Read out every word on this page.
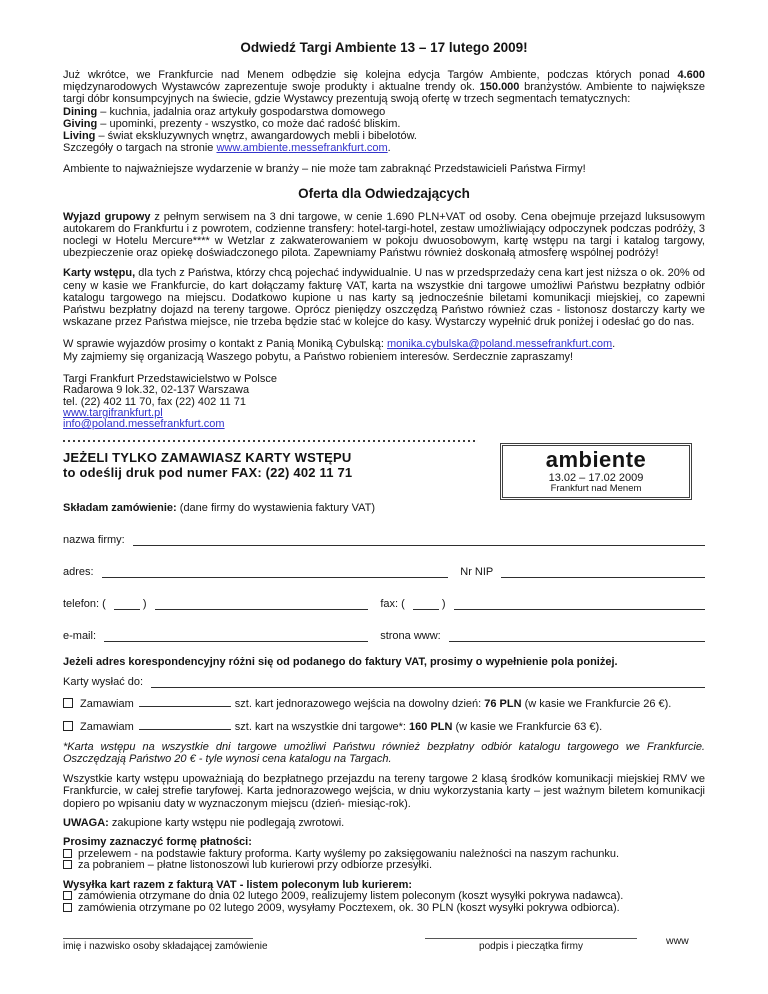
Odwiedź Targi Ambiente 13 – 17 lutego 2009!

Już wkrótce, we Frankfurcie nad Menem odbędzie się kolejna edycja Targów Ambiente, podczas których ponad 4.600 międzynarodowych Wystawców zaprezentuje swoje produkty i aktualne trendy ok. 150.000 branżystów. Ambiente to największe targi dóbr konsumpcyjnych na świecie, gdzie Wystawcy prezentują swoją ofertę w trzech segmentach tematycznych:

Dining – kuchnia, jadalnia oraz artykuły gospodarstwa domowego
Giving – upominki, prezenty - wszystko, co może dać radość bliskim.
Living – świat ekskluzywnych wnętrz, awangardowych mebli i bibelotów.
Szczegóły o targach na stronie www.ambiente.messefrankfurt.com.

Ambiente to najważniejsze wydarzenie w branży – nie może tam zabraknąć Przedstawicieli Państwa Firmy!

Oferta dla Odwiedzających

Wyjazd grupowy z pełnym serwisem na 3 dni targowe, w cenie 1.690 PLN+VAT od osoby. Cena obejmuje przejazd luksusowym autokarem do Frankfurtu i z powrotem, codzienne transfery: hotel-targi-hotel, zestaw umożliwiający odpoczynek podczas podróży, 3 noclegi w Hotelu Mercure**** w Wetzlar z zakwaterowaniem w pokoju dwuosobowym, kartę wstępu na targi i katalog targowy, ubezpieczenie oraz opiekę doświadczonego pilota. Zapewniamy Państwu również doskonałą atmosferę wspólnej podróży!

Karty wstępu, dla tych z Państwa, którzy chcą pojechać indywidualnie. U nas w przedsprzedaży cena kart jest niższa o ok. 20% od ceny w kasie we Frankfurcie, do kart dołączamy fakturę VAT, karta na wszystkie dni targowe umożliwi Państwu bezpłatny odbiór katalogu targowego na miejscu. Dodatkowo kupione u nas karty są jednocześnie biletami komunikacji miejskiej, co zapewni Państwu bezpłatny dojazd na tereny targowe. Oprócz pieniędzy oszczędzą Państwo również czas - listonosz dostarczy karty we wskazane przez Państwa miejsce, nie trzeba będzie stać w kolejce do kasy. Wystarczy wypełnić druk poniżej i odesłać go do nas.

W sprawie wyjazdów prosimy o kontakt z Panią Moniką Cybulską: monika.cybulska@poland.messefrankfurt.com.
My zajmiemy się organizacją Waszego pobytu, a Państwo robieniem interesów. Serdecznie zapraszamy!

Targi Frankfurt Przedstawicielstwo w Polsce
Radarowa 9 lok.32, 02-137 Warszawa
tel. (22) 402 11 70, fax (22) 402 11 71
www.targifrankfurt.pl
info@poland.messefrankfurt.com
JEŻELI TYLKO ZAMAWIASZ KARTY WSTĘPU
to odeślij druk pod numer FAX: (22) 402 11 71
ambiente
13.02 – 17.02 2009
Frankfurt nad Menem

Składam zamówienie: (dane firmy do wystawienia faktury VAT)

nazwa firmy:
adres:	Nr NIP
telefon: (	)	fax: (	)
e-mail:	strona www:

Jeżeli adres korespondencyjny różni się od podanego do faktury VAT, prosimy o wypełnienie pola poniżej.

Karty wysłać do:

Zamawiam	szt. kart jednorazowego wejścia na dowolny dzień: 76 PLN (w kasie we Frankfurcie 26 €).

Zamawiam	szt. kart na wszystkie dni targowe*: 160 PLN (w kasie we Frankfurcie 63 €).

*Karta wstępu na wszystkie dni targowe umożliwi Państwu również bezpłatny odbiór katalogu targowego we Frankfurcie. Oszczędzają Państwo 20 € - tyle wynosi cena katalogu na Targach.

Wszystkie karty wstępu upoważniają do bezpłatnego przejazdu na tereny targowe 2 klasą środków komunikacji miejskiej RMV we Frankfurcie, w całej strefie taryfowej. Karta jednorazowego wejścia, w dniu wykorzystania karty – jest ważnym biletem komunikacji dopiero po wpisaniu daty w wyznaczonym miejscu (dzień- miesiąc-rok).

UWAGA: zakupione karty wstępu nie podlegają zwrotowi.

Prosimy zaznaczyć formę płatności:
przelewem - na podstawie faktury proforma. Karty wyślemy po zaksięgowaniu należności na naszym rachunku.
za pobraniem – płatne listonoszowi lub kurierowi przy odbiorze przesyłki.
Wysyłka kart razem z fakturą VAT - listem poleconym lub kurierem:
zamówienia otrzymane do dnia 02 lutego 2009, realizujemy listem poleconym (koszt wysyłki pokrywa nadawca).
zamówienia otrzymane po 02 lutego 2009, wysyłamy Pocztexem, ok. 30 PLN (koszt wysyłki pokrywa odbiorca).
imię i nazwisko osoby składającej zamówienie	podpis i pieczątka firmy	www
